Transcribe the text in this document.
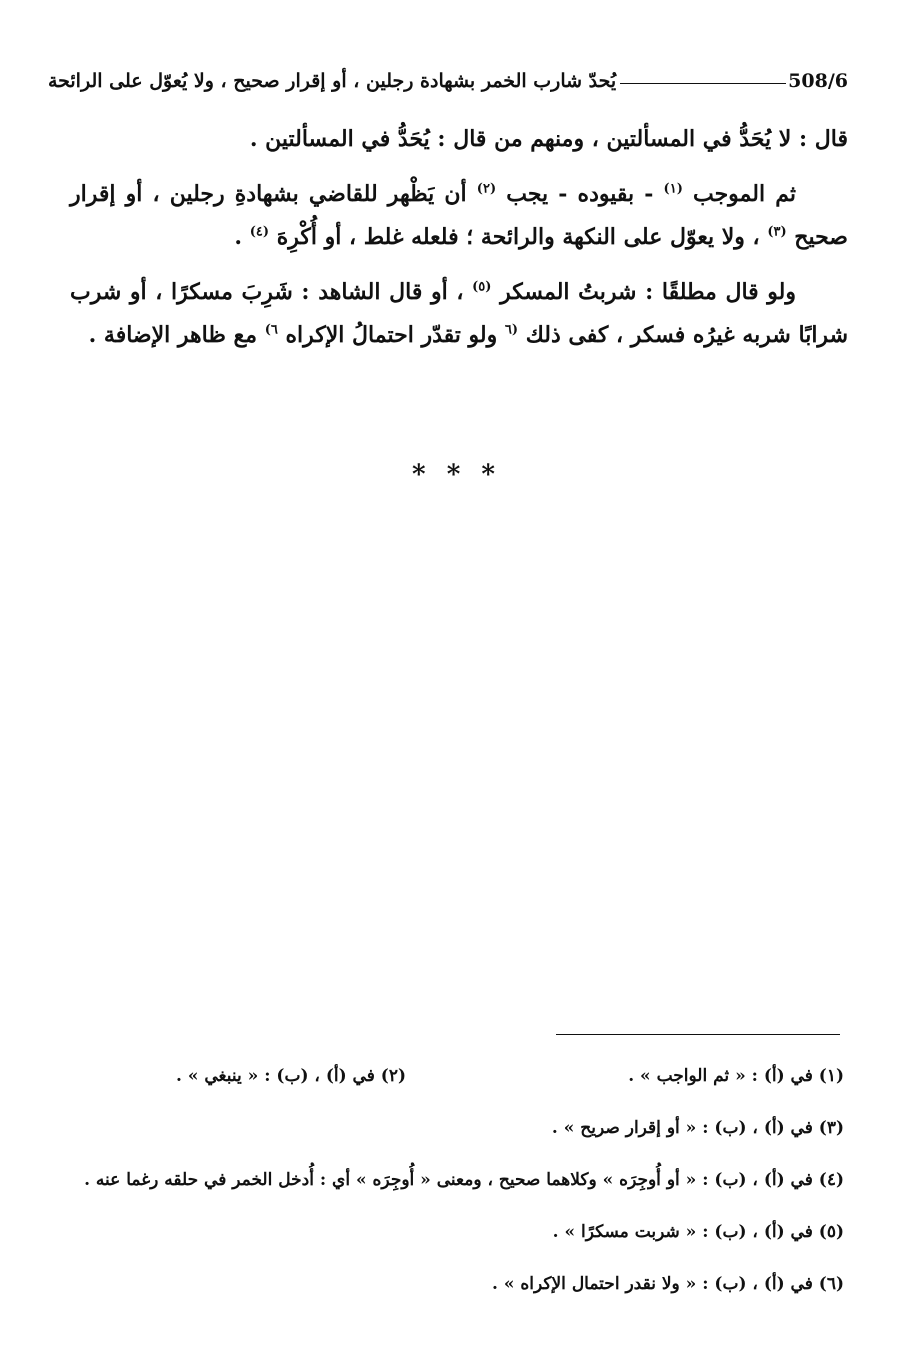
508/6
يُحدّ شارب الخمر بشهادة رجلين ، أو إقرار صحيح ، ولا يُعوّل على الرائحة

قال : لا يُحَدُّ في المسألتين ، ومنهم من قال : يُحَدُّ في المسألتين .

ثم الموجب $^{(١)}$ - بقيوده - يجب $^{(٢)}$ أن يَظْهر للقاضي بشهادةِ رجلين ، أو إقرار صحيح $^{(٣)}$ ، ولا يعوّل على النكهة والرائحة ؛ فلعله غلط ، أو أُكْرِهَ $^{(٤)}$ .

ولو قال مطلقًا : شربتُ المسكر $^{(٥)}$ ، أو قال الشاهد : شَرِبَ مسكرًا ، أو شرب شرابًا شربه غيرُه فسكر ، كفى ذلك $^{(٦}$ ولو تقدّر احتمالُ الإكراه $^{٦)}$ مع ظاهر الإضافة .

* * *
(١) في (أ) : « ثم الواجب » .
(٢) في (أ) ، (ب) : « ينبغي » .
(٣) في (أ) ، (ب) : « أو إقرار صريح » .
(٤) في (أ) ، (ب) : « أو أُوجِرَه » وكلاهما صحيح ، ومعنى « أُوجِرَه » أي : أُدخل الخمر في حلقه رغما عنه .
(٥) في (أ) ، (ب) : « شربت مسكرًا » .
(٦) في (أ) ، (ب) : « ولا نقدر احتمال الإكراه » .
